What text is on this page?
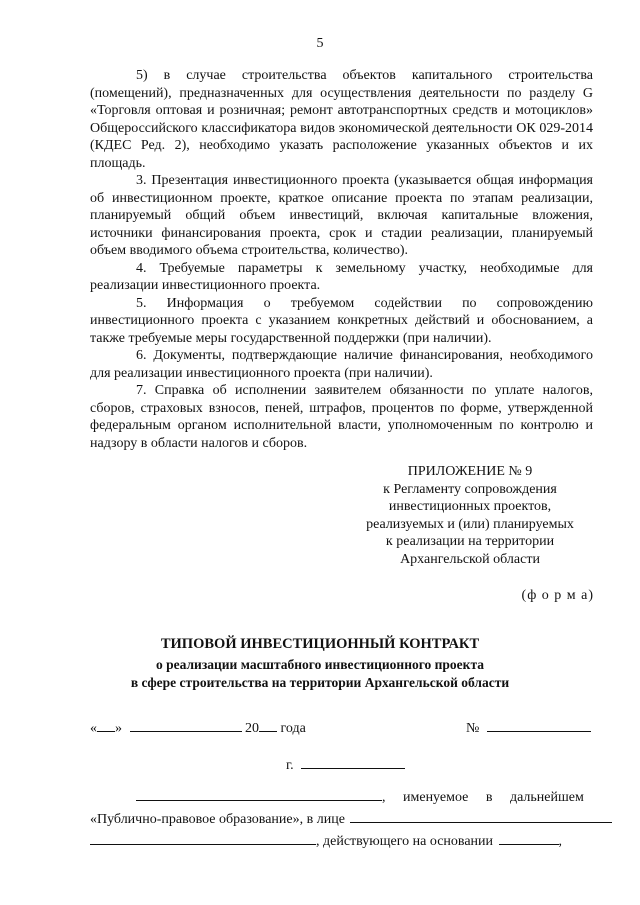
5

5) в случае строительства объектов капитального строительства (помещений), предназначенных для осуществления деятельности по разделу G «Торговля оптовая и розничная; ремонт автотранспортных средств и мотоциклов» Общероссийского классификатора видов экономической деятельности ОК 029-2014 (КДЕС Ред. 2), необходимо указать расположение указанных объектов и их площадь.

3. Презентация инвестиционного проекта (указывается общая информация об инвестиционном проекте, краткое описание проекта по этапам реализации, планируемый общий объем инвестиций, включая капитальные вложения, источники финансирования проекта, срок и стадии реализации, планируемый объем вводимого объема строительства, количество).

4. Требуемые параметры к земельному участку, необходимые для реализации инвестиционного проекта.

5. Информация о требуемом содействии по сопровождению инвестиционного проекта с указанием конкретных действий и обоснованием, а также требуемые меры государственной поддержки (при наличии).

6. Документы, подтверждающие наличие финансирования, необходимого для реализации инвестиционного проекта (при наличии).

7. Справка об исполнении заявителем обязанности по уплате налогов, сборов, страховых взносов, пеней, штрафов, процентов по форме, утвержденной федеральным органом исполнительной власти, уполномоченным по контролю и надзору в области налогов и сборов.

ПРИЛОЖЕНИЕ № 9
к Регламенту сопровождения
инвестиционных проектов,
реализуемых и (или) планируемых
к реализации на территории
Архангельской области
(ф о р м а)
ТИПОВОЙ ИНВЕСТИЦИОННЫЙ КОНТРАКТ
о реализации масштабного инвестиционного проекта
в сфере строительства на территории Архангельской области
« »	20 года	№
г.
, именуемое в дальнейшем
«Публично-правовое образование», в лице
, действующего на основании	,
